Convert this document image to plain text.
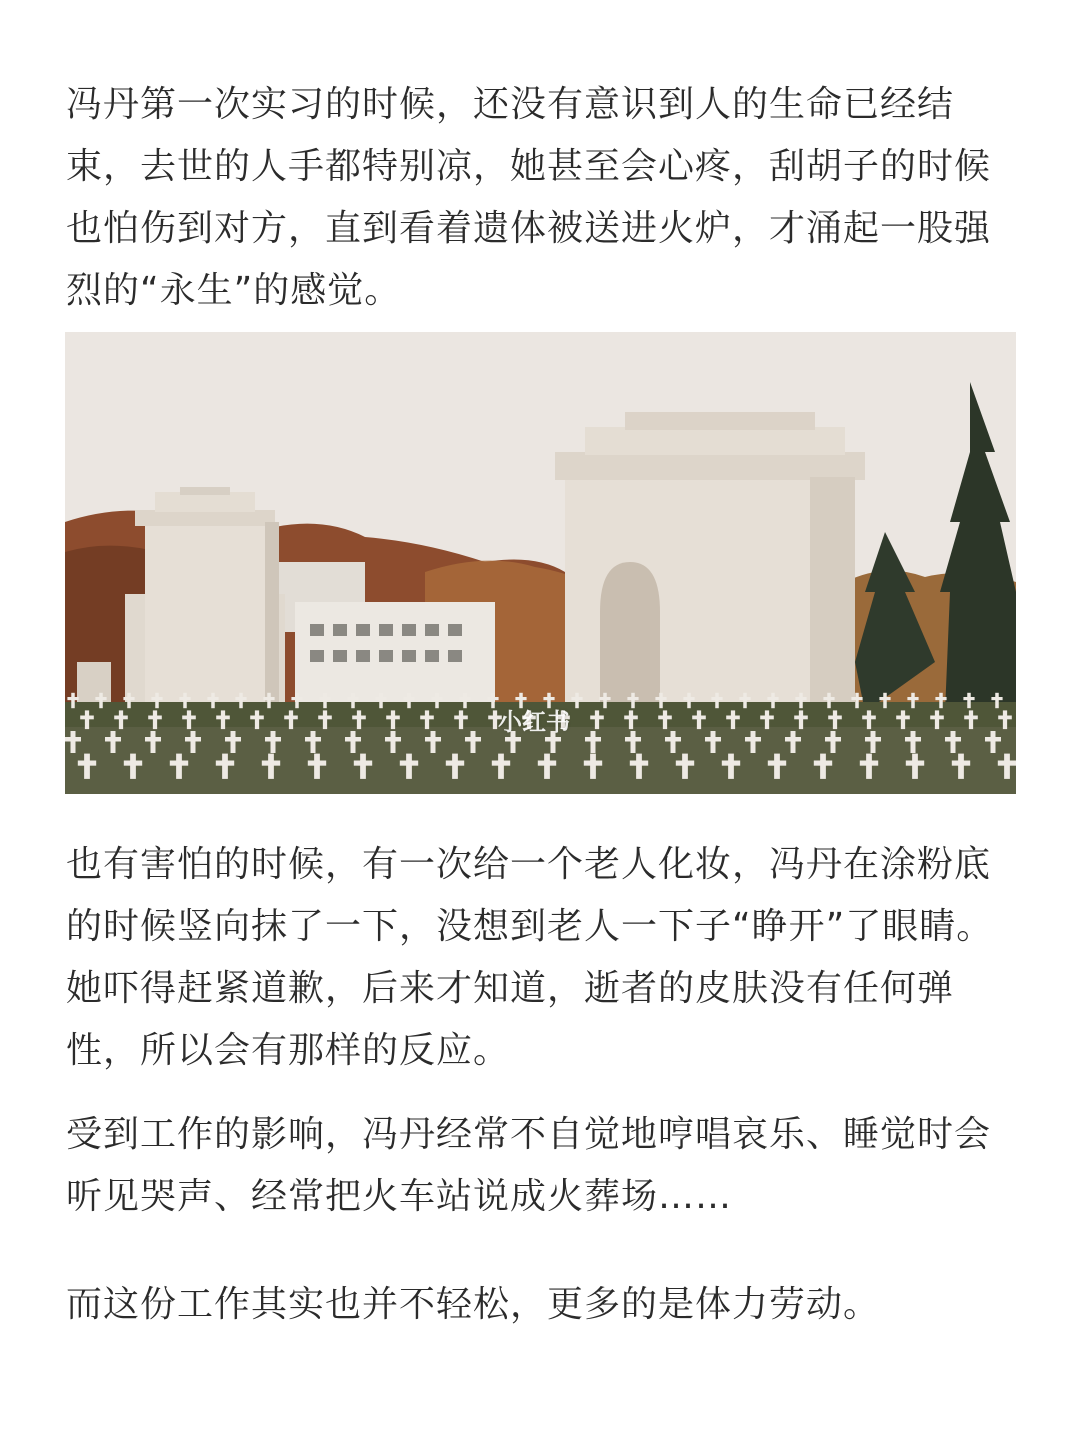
冯丹第一次实习的时候，还没有意识到人的生命已经结束，去世的人手都特别凉，她甚至会心疼，刮胡子的时候也怕伤到对方，直到看着遗体被送进火炉，才涌起一股强烈的“永生”的感觉。

小红书

也有害怕的时候，有一次给一个老人化妆，冯丹在涂粉底的时候竖向抹了一下，没想到老人一下子“睁开”了眼睛。她吓得赶紧道歉，后来才知道，逝者的皮肤没有任何弹性，所以会有那样的反应。

受到工作的影响，冯丹经常不自觉地哼唱哀乐、睡觉时会听见哭声、经常把火车站说成火葬场……

而这份工作其实也并不轻松，更多的是体力劳动。
